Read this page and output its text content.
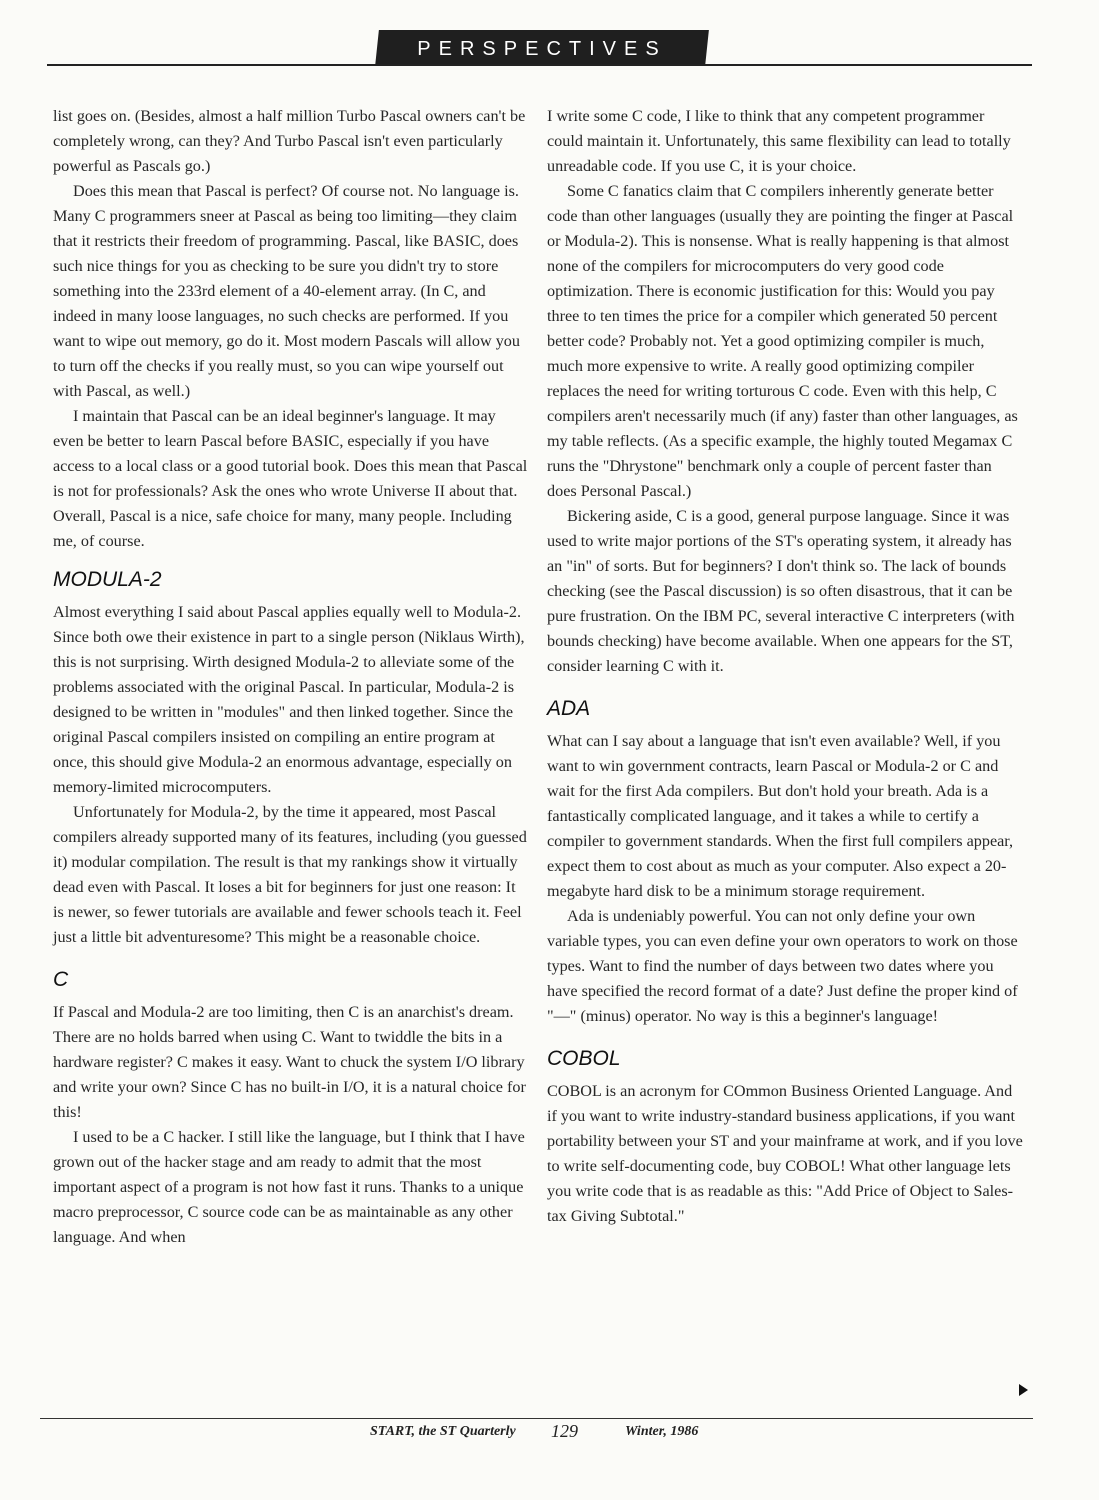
PERSPECTIVES

list goes on. (Besides, almost a half million Turbo Pascal owners can't be completely wrong, can they? And Turbo Pascal isn't even particularly powerful as Pascals go.)

Does this mean that Pascal is perfect? Of course not. No language is. Many C programmers sneer at Pascal as being too limiting—they claim that it restricts their freedom of programming. Pascal, like BASIC, does such nice things for you as checking to be sure you didn't try to store something into the 233rd element of a 40-element array. (In C, and indeed in many loose languages, no such checks are performed. If you want to wipe out memory, go do it. Most modern Pascals will allow you to turn off the checks if you really must, so you can wipe yourself out with Pascal, as well.)

I maintain that Pascal can be an ideal beginner's language. It may even be better to learn Pascal before BASIC, especially if you have access to a local class or a good tutorial book. Does this mean that Pascal is not for professionals? Ask the ones who wrote Universe II about that. Overall, Pascal is a nice, safe choice for many, many people. Including me, of course.

MODULA-2

Almost everything I said about Pascal applies equally well to Modula-2. Since both owe their existence in part to a single person (Niklaus Wirth), this is not surprising. Wirth designed Modula-2 to alleviate some of the problems associated with the original Pascal. In particular, Modula-2 is designed to be written in "modules" and then linked together. Since the original Pascal compilers insisted on compiling an entire program at once, this should give Modula-2 an enormous advantage, especially on memory-limited microcomputers.

Unfortunately for Modula-2, by the time it appeared, most Pascal compilers already supported many of its features, including (you guessed it) modular compilation. The result is that my rankings show it virtually dead even with Pascal. It loses a bit for beginners for just one reason: It is newer, so fewer tutorials are available and fewer schools teach it. Feel just a little bit adventuresome? This might be a reasonable choice.

C

If Pascal and Modula-2 are too limiting, then C is an anarchist's dream. There are no holds barred when using C. Want to twiddle the bits in a hardware register? C makes it easy. Want to chuck the system I/O library and write your own? Since C has no built-in I/O, it is a natural choice for this!

I used to be a C hacker. I still like the language, but I think that I have grown out of the hacker stage and am ready to admit that the most important aspect of a program is not how fast it runs. Thanks to a unique macro preprocessor, C source code can be as maintainable as any other language. And when

I write some C code, I like to think that any competent programmer could maintain it. Unfortunately, this same flexibility can lead to totally unreadable code. If you use C, it is your choice.

Some C fanatics claim that C compilers inherently generate better code than other languages (usually they are pointing the finger at Pascal or Modula-2). This is nonsense. What is really happening is that almost none of the compilers for microcomputers do very good code optimization. There is economic justification for this: Would you pay three to ten times the price for a compiler which generated 50 percent better code? Probably not. Yet a good optimizing compiler is much, much more expensive to write. A really good optimizing compiler replaces the need for writing torturous C code. Even with this help, C compilers aren't necessarily much (if any) faster than other languages, as my table reflects. (As a specific example, the highly touted Megamax C runs the "Dhrystone" benchmark only a couple of percent faster than does Personal Pascal.)

Bickering aside, C is a good, general purpose language. Since it was used to write major portions of the ST's operating system, it already has an "in" of sorts. But for beginners? I don't think so. The lack of bounds checking (see the Pascal discussion) is so often disastrous, that it can be pure frustration. On the IBM PC, several interactive C interpreters (with bounds checking) have become available. When one appears for the ST, consider learning C with it.

ADA

What can I say about a language that isn't even available? Well, if you want to win government contracts, learn Pascal or Modula-2 or C and wait for the first Ada compilers. But don't hold your breath. Ada is a fantastically complicated language, and it takes a while to certify a compiler to government standards. When the first full compilers appear, expect them to cost about as much as your computer. Also expect a 20-megabyte hard disk to be a minimum storage requirement.

Ada is undeniably powerful. You can not only define your own variable types, you can even define your own operators to work on those types. Want to find the number of days between two dates where you have specified the record format of a date? Just define the proper kind of "—" (minus) operator. No way is this a beginner's language!

COBOL

COBOL is an acronym for COmmon Business Oriented Language. And if you want to write industry-standard business applications, if you want portability between your ST and your mainframe at work, and if you love to write self-documenting code, buy COBOL! What other language lets you write code that is as readable as this: "Add Price of Object to Sales-tax Giving Subtotal."

START, the ST Quarterly 129	Winter, 1986
